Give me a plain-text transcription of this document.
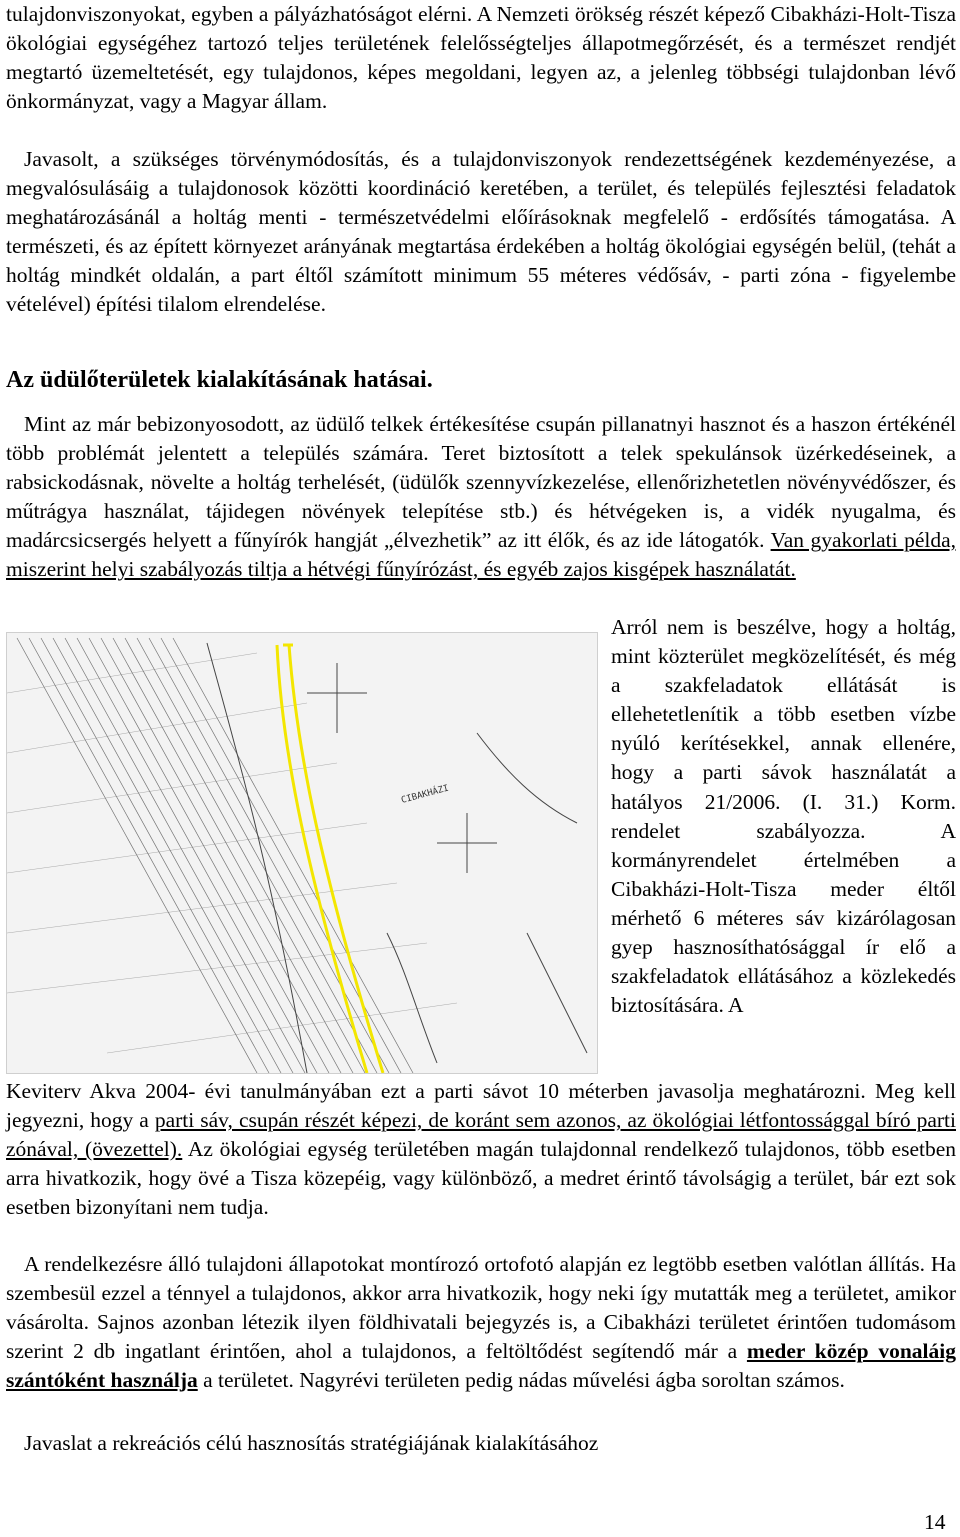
tulajdonviszonyokat, egyben a pályázhatóságot elérni. A Nemzeti örökség részét képező Cibakházi-Holt-Tisza ökológiai egységéhez tartozó teljes területének felelősségteljes állapotmegőrzését, és a természet rendjét megtartó üzemeltetését, egy tulajdonos, képes megoldani, legyen az, a jelenleg többségi tulajdonban lévő önkormányzat, vagy a Magyar állam.

Javasolt, a szükséges törvénymódosítás, és a tulajdonviszonyok rendezettségének kezdeményezése, a megvalósulásáig a tulajdonosok közötti koordináció keretében, a terület, és település fejlesztési feladatok meghatározásánál a holtág menti - természetvédelmi előírásoknak megfelelő - erdősítés támogatása. A természeti, és az épített környezet arányának megtartása érdekében a holtág ökológiai egységén belül, (tehát a holtág mindkét oldalán, a part éltől számított minimum 55 méteres védősáv, - parti zóna - figyelembe vételével) építési tilalom elrendelése.

Az üdülőterületek kialakításának hatásai.

Mint az már bebizonyosodott, az üdülő telkek értékesítése csupán pillanatnyi hasznot és a haszon értékénél több problémát jelentett a település számára. Teret biztosított a telek spekulánsok üzérkedéseinek, a rabsickodásnak, növelte a holtág terhelését, (üdülők szennyvízkezelése, ellenőrizhetetlen növényvédőszer, és műtrágya használat, tájidegen növények telepítése stb.) és hétvégeken is, a vidék nyugalma, és madárcsicsergés helyett a fűnyírók hangját „élvezhetik” az itt élők, és az ide látogatók. Van gyakorlati példa, miszerint helyi szabályozás tiltja a hétvégi fűnyírózást, és egyéb zajos kisgépek használatát.

CIBAKHÁZI

Arról nem is beszélve, hogy a holtág, mint közterület megközelítését, és még a szakfeladatok ellátását is ellehetetlenítik a több esetben vízbe nyúló kerítésekkel, annak ellenére, hogy a parti sávok használatát a hatályos 21/2006. (I. 31.) Korm. rendelet szabályozza. A kormányrendelet értelmében a Cibakházi-Holt-Tisza meder éltől mérhető 6 méteres sáv kizárólagosan gyep hasznosíthatósággal ír elő a szakfeladatok ellátásához a közlekedés biztosítására. A

Keviterv Akva 2004- évi tanulmányában ezt a parti sávot 10 méterben javasolja meghatározni. Meg kell jegyezni, hogy a parti sáv, csupán részét képezi, de koránt sem azonos, az ökológiai létfontossággal bíró parti zónával, (övezettel). Az ökológiai egység területében magán tulajdonnal rendelkező tulajdonos, több esetben arra hivatkozik, hogy övé a Tisza közepéig, vagy különböző, a medret érintő távolságig a terület, bár ezt sok esetben bizonyítani nem tudja.

A rendelkezésre álló tulajdoni állapotokat montírozó ortofotó alapján ez legtöbb esetben valótlan állítás. Ha szembesül ezzel a ténnyel a tulajdonos, akkor arra hivatkozik, hogy neki így mutatták meg a területet, amikor vásárolta. Sajnos azonban létezik ilyen földhivatali bejegyzés is, a Cibakházi területet érintően tudomásom szerint 2 db ingatlant érintően, ahol a tulajdonos, a feltöltődést segítendő már a meder közép vonaláig szántóként használja a területet. Nagyrévi területen pedig nádas művelési ágba soroltan számos.

Javaslat a rekreációs célú hasznosítás stratégiájának kialakításához
14
